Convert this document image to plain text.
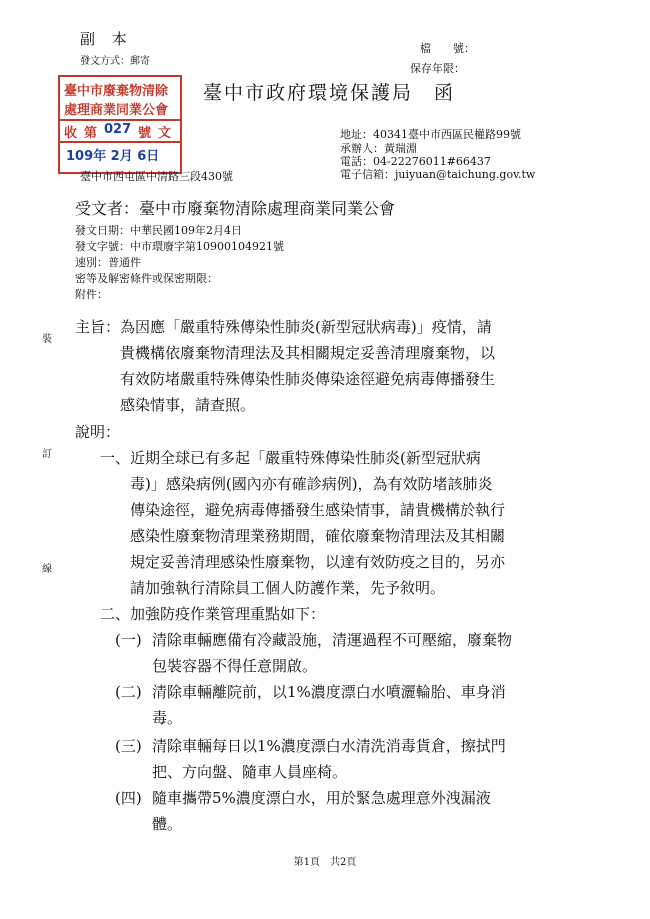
副 本
發文方式：郵寄
檔　　號：
保存年限：
臺中市政府環境保護局　函
臺中市廢棄物清除
處理商業同業公會
收 第 027 號 文
109年 2月 6日
臺中市西屯區中清路三段430號
地址：40341臺中市西區民權路99號
承辦人：黃瑞淵
電話：04-22276011#66437
電子信箱：juiyuan@taichung.gov.tw
受文者：臺中市廢棄物清除處理商業同業公會
發文日期：中華民國109年2月4日
發文字號：中市環廢字第10900104921號
速別：普通件
密等及解密條件或保密期限：
附件：
主旨：為因應「嚴重特殊傳染性肺炎(新型冠狀病毒)」疫情，請
　　　貴機構依廢棄物清理法及其相關規定妥善清理廢棄物，以
　　　有效防堵嚴重特殊傳染性肺炎傳染途徑避免病毒傳播發生
　　　感染情事，請查照。
說明：
一、 近期全球已有多起「嚴重特殊傳染性肺炎(新型冠狀病
毒)」感染病例(國內亦有確診病例)，為有效防堵該肺炎
傳染途徑，避免病毒傳播發生感染情事，請貴機構於執行
感染性廢棄物清理業務期間，確依廢棄物清理法及其相關
規定妥善清理感染性廢棄物，以達有效防疫之目的，另亦
請加強執行清除員工個人防護作業，先予敘明。
二、 加強防疫作業管理重點如下：
(一) 清除車輛應備有冷藏設施，清運過程不可壓縮，廢棄物
包裝容器不得任意開啟。
(二) 清除車輛離院前，以1%濃度漂白水噴灑輪胎、車身消
毒。
(三) 清除車輛每日以1%濃度漂白水清洗消毒貨倉，擦拭門
把、方向盤、隨車人員座椅。
(四) 隨車攜帶5%濃度漂白水，用於緊急處理意外洩漏液
體。
裝
訂
線
第1頁　共2頁
